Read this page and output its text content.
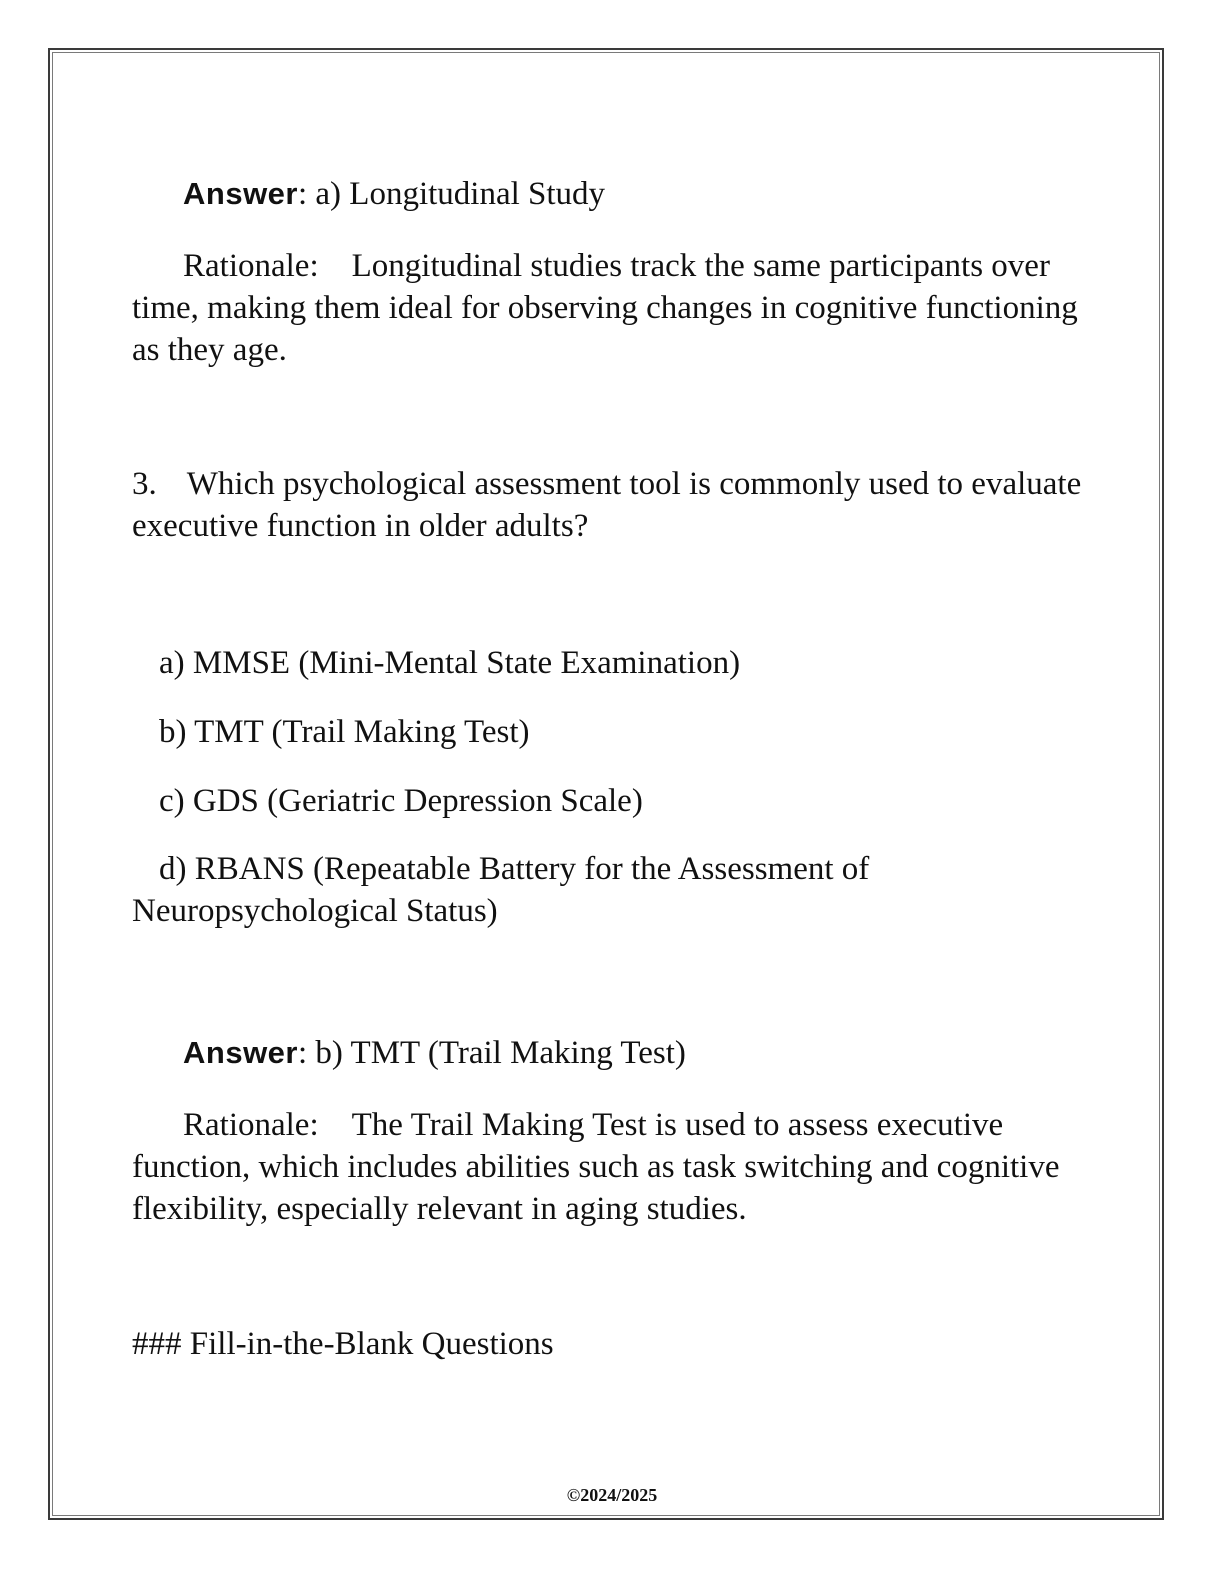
Answer: a) Longitudinal Study
Rationale: Longitudinal studies track the same participants over time, making them ideal for observing changes in cognitive functioning as they age.
3. Which psychological assessment tool is commonly used to evaluate executive function in older adults?
a) MMSE (Mini-Mental State Examination)
b) TMT (Trail Making Test)
c) GDS (Geriatric Depression Scale)
d) RBANS (Repeatable Battery for the Assessment of Neuropsychological Status)
Answer: b) TMT (Trail Making Test)
Rationale: The Trail Making Test is used to assess executive function, which includes abilities such as task switching and cognitive flexibility, especially relevant in aging studies.
### Fill-in-the-Blank Questions
©2024/2025
